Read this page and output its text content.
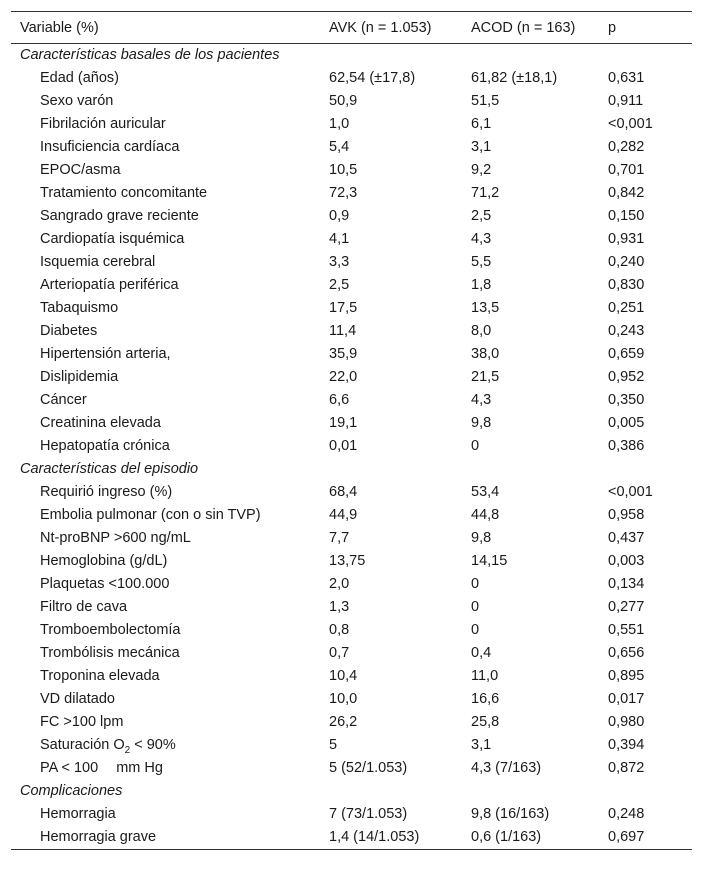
Variable (%)	AVK (n = 1.053)	ACOD (n = 163)	p
Características basales de los pacientes			
Edad (años)	62,54 (±17,8)	61,82 (±18,1)	0,631
Sexo varón	50,9	51,5	0,911
Fibrilación auricular	1,0	6,1	<0,001
Insuficiencia cardíaca	5,4	3,1	0,282
EPOC/asma	10,5	9,2	0,701
Tratamiento concomitante	72,3	71,2	0,842
Sangrado grave reciente	0,9	2,5	0,150
Cardiopatía isquémica	4,1	4,3	0,931
Isquemia cerebral	3,3	5,5	0,240
Arteriopatía periférica	2,5	1,8	0,830
Tabaquismo	17,5	13,5	0,251
Diabetes	11,4	8,0	0,243
Hipertensión arteria,	35,9	38,0	0,659
Dislipidemia	22,0	21,5	0,952
Cáncer	6,6	4,3	0,350
Creatinina elevada	19,1	9,8	0,005
Hepatopatía crónica	0,01	0	0,386
Características del episodio			
Requirió ingreso (%)	68,4	53,4	<0,001
Embolia pulmonar (con o sin TVP)	44,9	44,8	0,958
Nt-proBNP >600 ng/mL	7,7	9,8	0,437
Hemoglobina (g/dL)	13,75	14,15	0,003
Plaquetas <100.000	2,0	0	0,134
Filtro de cava	1,3	0	0,277
Tromboembolectomía	0,8	0	0,551
Trombólisis mecánica	0,7	0,4	0,656
Troponina elevada	10,4	11,0	0,895
VD dilatado	10,0	16,6	0,017
FC >100 lpm	26,2	25,8	0,980
Saturación $O_2 < 90\%$	5	3,1	0,394
PA < 100 mm Hg	5 (52/1.053)	4,3 (7/163)	0,872
Complicaciones			
Hemorragia	7 (73/1.053)	9,8 (16/163)	0,248
Hemorragia grave	1,4 (14/1.053)	0,6 (1/163)	0,697
